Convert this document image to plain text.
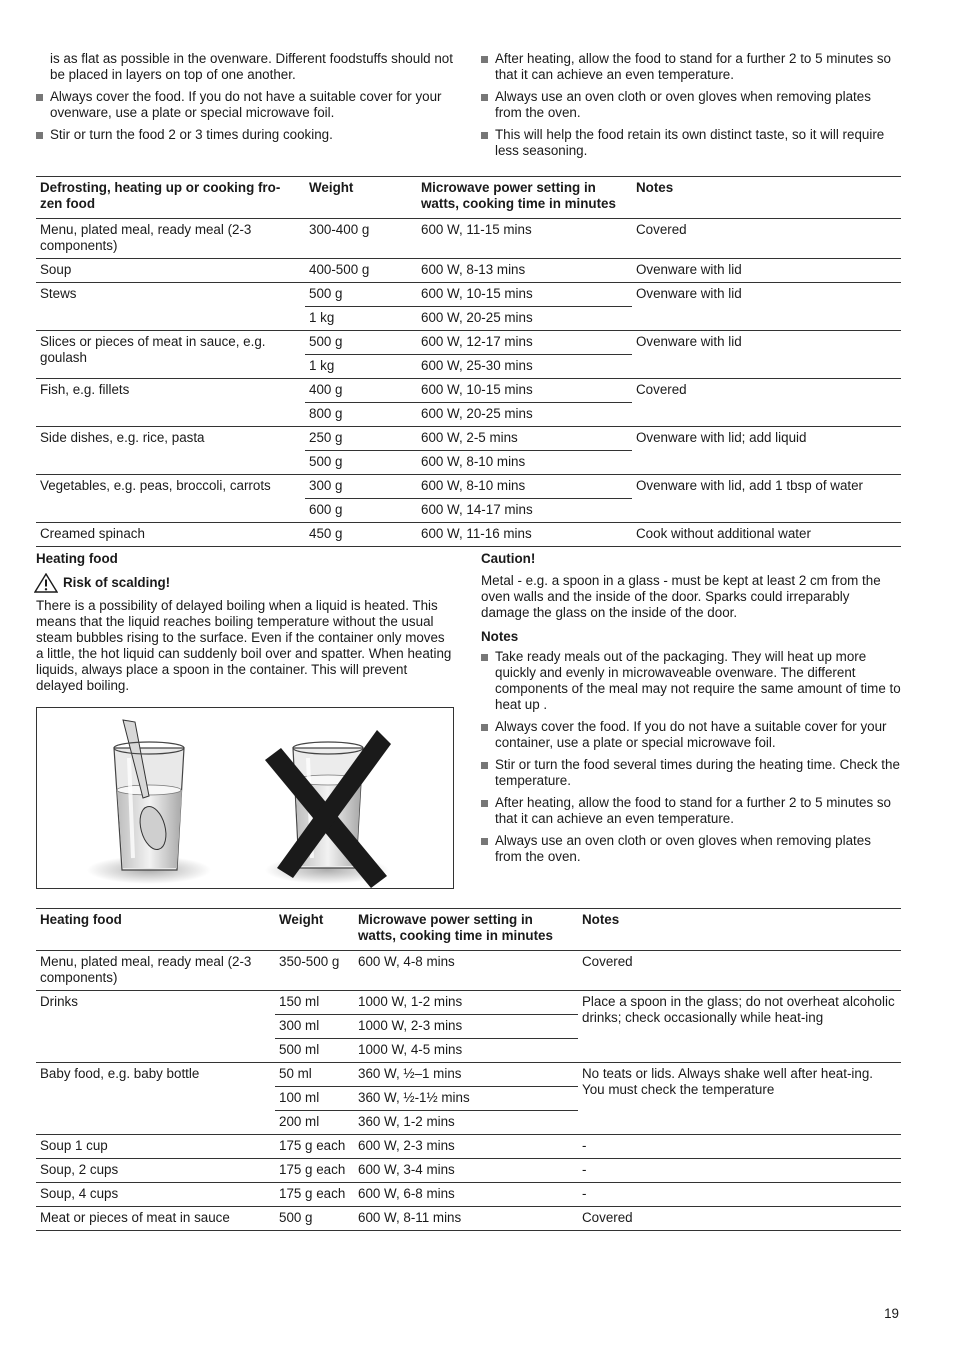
is as flat as possible in the ovenware. Different foodstuffs should not be placed in layers on top of one another.
Always cover the food. If you do not have a suitable cover for your ovenware, use a plate or special microwave foil.
Stir or turn the food 2 or 3 times during cooking.
After heating, allow the food to stand for a further 2 to 5 minutes so that it can achieve an even temperature.
Always use an oven cloth or oven gloves when removing plates from the oven.
This will help the food retain its own distinct taste, so it will require less seasoning.
Defrosting, heating up or cooking fro-zen food	Weight	Microwave power setting in watts, cooking time in minutes	Notes
Menu, plated meal, ready meal (2-3 components)	300-400 g	600 W, 11-15 mins	Covered
Soup	400-500 g	600 W, 8-13 mins	Ovenware with lid
Stews	500 g	600 W, 10-15 mins	Ovenware with lid
	1 kg	600 W, 20-25 mins	
Slices or pieces of meat in sauce, e.g. goulash	500 g	600 W, 12-17 mins	Ovenware with lid
	1 kg	600 W, 25-30 mins	
Fish, e.g. fillets	400 g	600 W, 10-15 mins	Covered
	800 g	600 W, 20-25 mins	
Side dishes, e.g. rice, pasta	250 g	600 W, 2-5 mins	Ovenware with lid; add liquid
	500 g	600 W, 8-10 mins	
Vegetables, e.g. peas, broccoli, carrots	300 g	600 W, 8-10 mins	Ovenware with lid, add 1 tbsp of water
	600 g	600 W, 14-17 mins	
Creamed spinach	450 g	600 W, 11-16 mins	Cook without additional water
Heating food
Risk of scalding!

There is a possibility of delayed boiling when a liquid is heated. This means that the liquid reaches boiling temperature without the usual steam bubbles rising to the surface. Even if the container only moves a little, the hot liquid can suddenly boil over and spatter. When heating liquids, always place a spoon in the container. This will prevent delayed boiling.

Caution!

Metal - e.g. a spoon in a glass - must be kept at least 2 cm from the oven walls and the inside of the door. Sparks could irreparably damage the glass on the inside of the door.

Notes
Take ready meals out of the packaging. They will heat up more quickly and evenly in microwaveable ovenware. The different components of the meal may not require the same amount of time to heat up .
Always cover the food. If you do not have a suitable cover for your container, use a plate or special microwave foil.
Stir or turn the food several times during the heating time. Check the temperature.
After heating, allow the food to stand for a further 2 to 5 minutes so that it can achieve an even temperature.
Always use an oven cloth or oven gloves when removing plates from the oven.
Heating food	Weight	Microwave power setting in watts, cooking time in minutes	Notes
Menu, plated meal, ready meal (2-3 components)	350-500 g	600 W, 4-8 mins	Covered
Drinks	150 ml	1000 W, 1-2 mins	Place a spoon in the glass; do not overheat alcoholic drinks; check occasionally while heat-ing
	300 ml	1000 W, 2-3 mins	
	500 ml	1000 W, 4-5 mins	
Baby food, e.g. baby bottle	50 ml	360 W, ½–1 mins	No teats or lids. Always shake well after heat-ing. You must check the temperature
	100 ml	360 W, ½-1½ mins	
	200 ml	360 W, 1-2 mins	
Soup 1 cup	175 g each	600 W, 2-3 mins	-
Soup, 2 cups	175 g each	600 W, 3-4 mins	-
Soup, 4 cups	175 g each	600 W, 6-8 mins	-
Meat or pieces of meat in sauce	500 g	600 W, 8-11 mins	Covered
19
